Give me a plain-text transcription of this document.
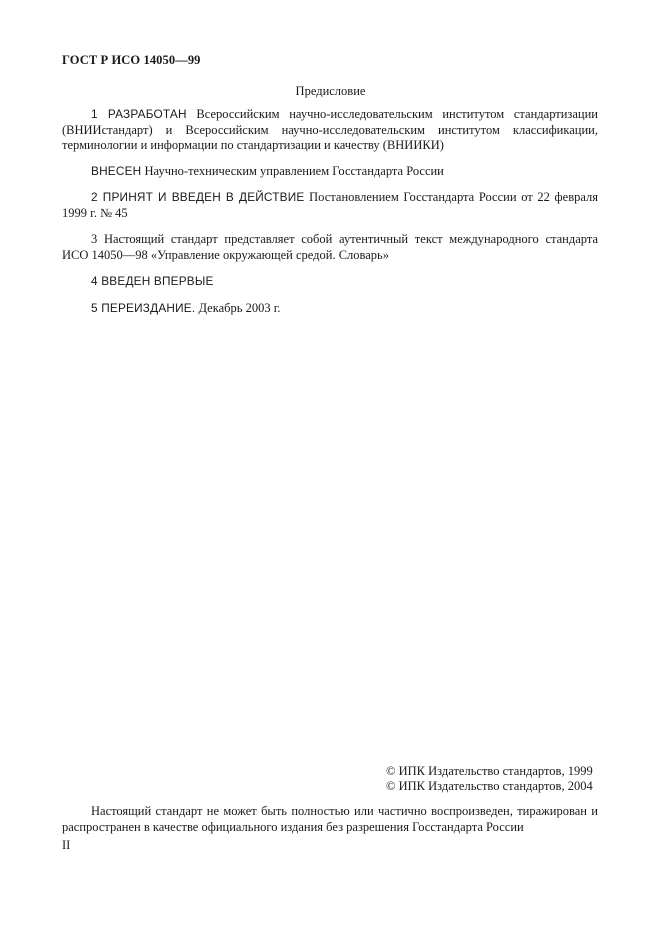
ГОСТ Р ИСО 14050—99
Предисловие

1 РАЗРАБОТАН Всероссийским научно-исследовательским институтом стандартизации (ВНИИстандарт) и Всероссийским научно-исследовательским институтом классификации, терминологии и информации по стандартизации и качеству (ВНИИКИ)

ВНЕСЕН Научно-техническим управлением Госстандарта России

2 ПРИНЯТ И ВВЕДЕН В ДЕЙСТВИЕ Постановлением Госстандарта России от 22 февраля 1999 г. № 45

3 Настоящий стандарт представляет собой аутентичный текст международного стандарта ИСО 14050—98 «Управление окружающей средой. Словарь»

4 ВВЕДЕН ВПЕРВЫЕ

5 ПЕРЕИЗДАНИЕ. Декабрь 2003 г.

© ИПК Издательство стандартов, 1999
© ИПК Издательство стандартов, 2004

Настоящий стандарт не может быть полностью или частично воспроизведен, тиражирован и распространен в качестве официального издания без разрешения Госстандарта России

II
